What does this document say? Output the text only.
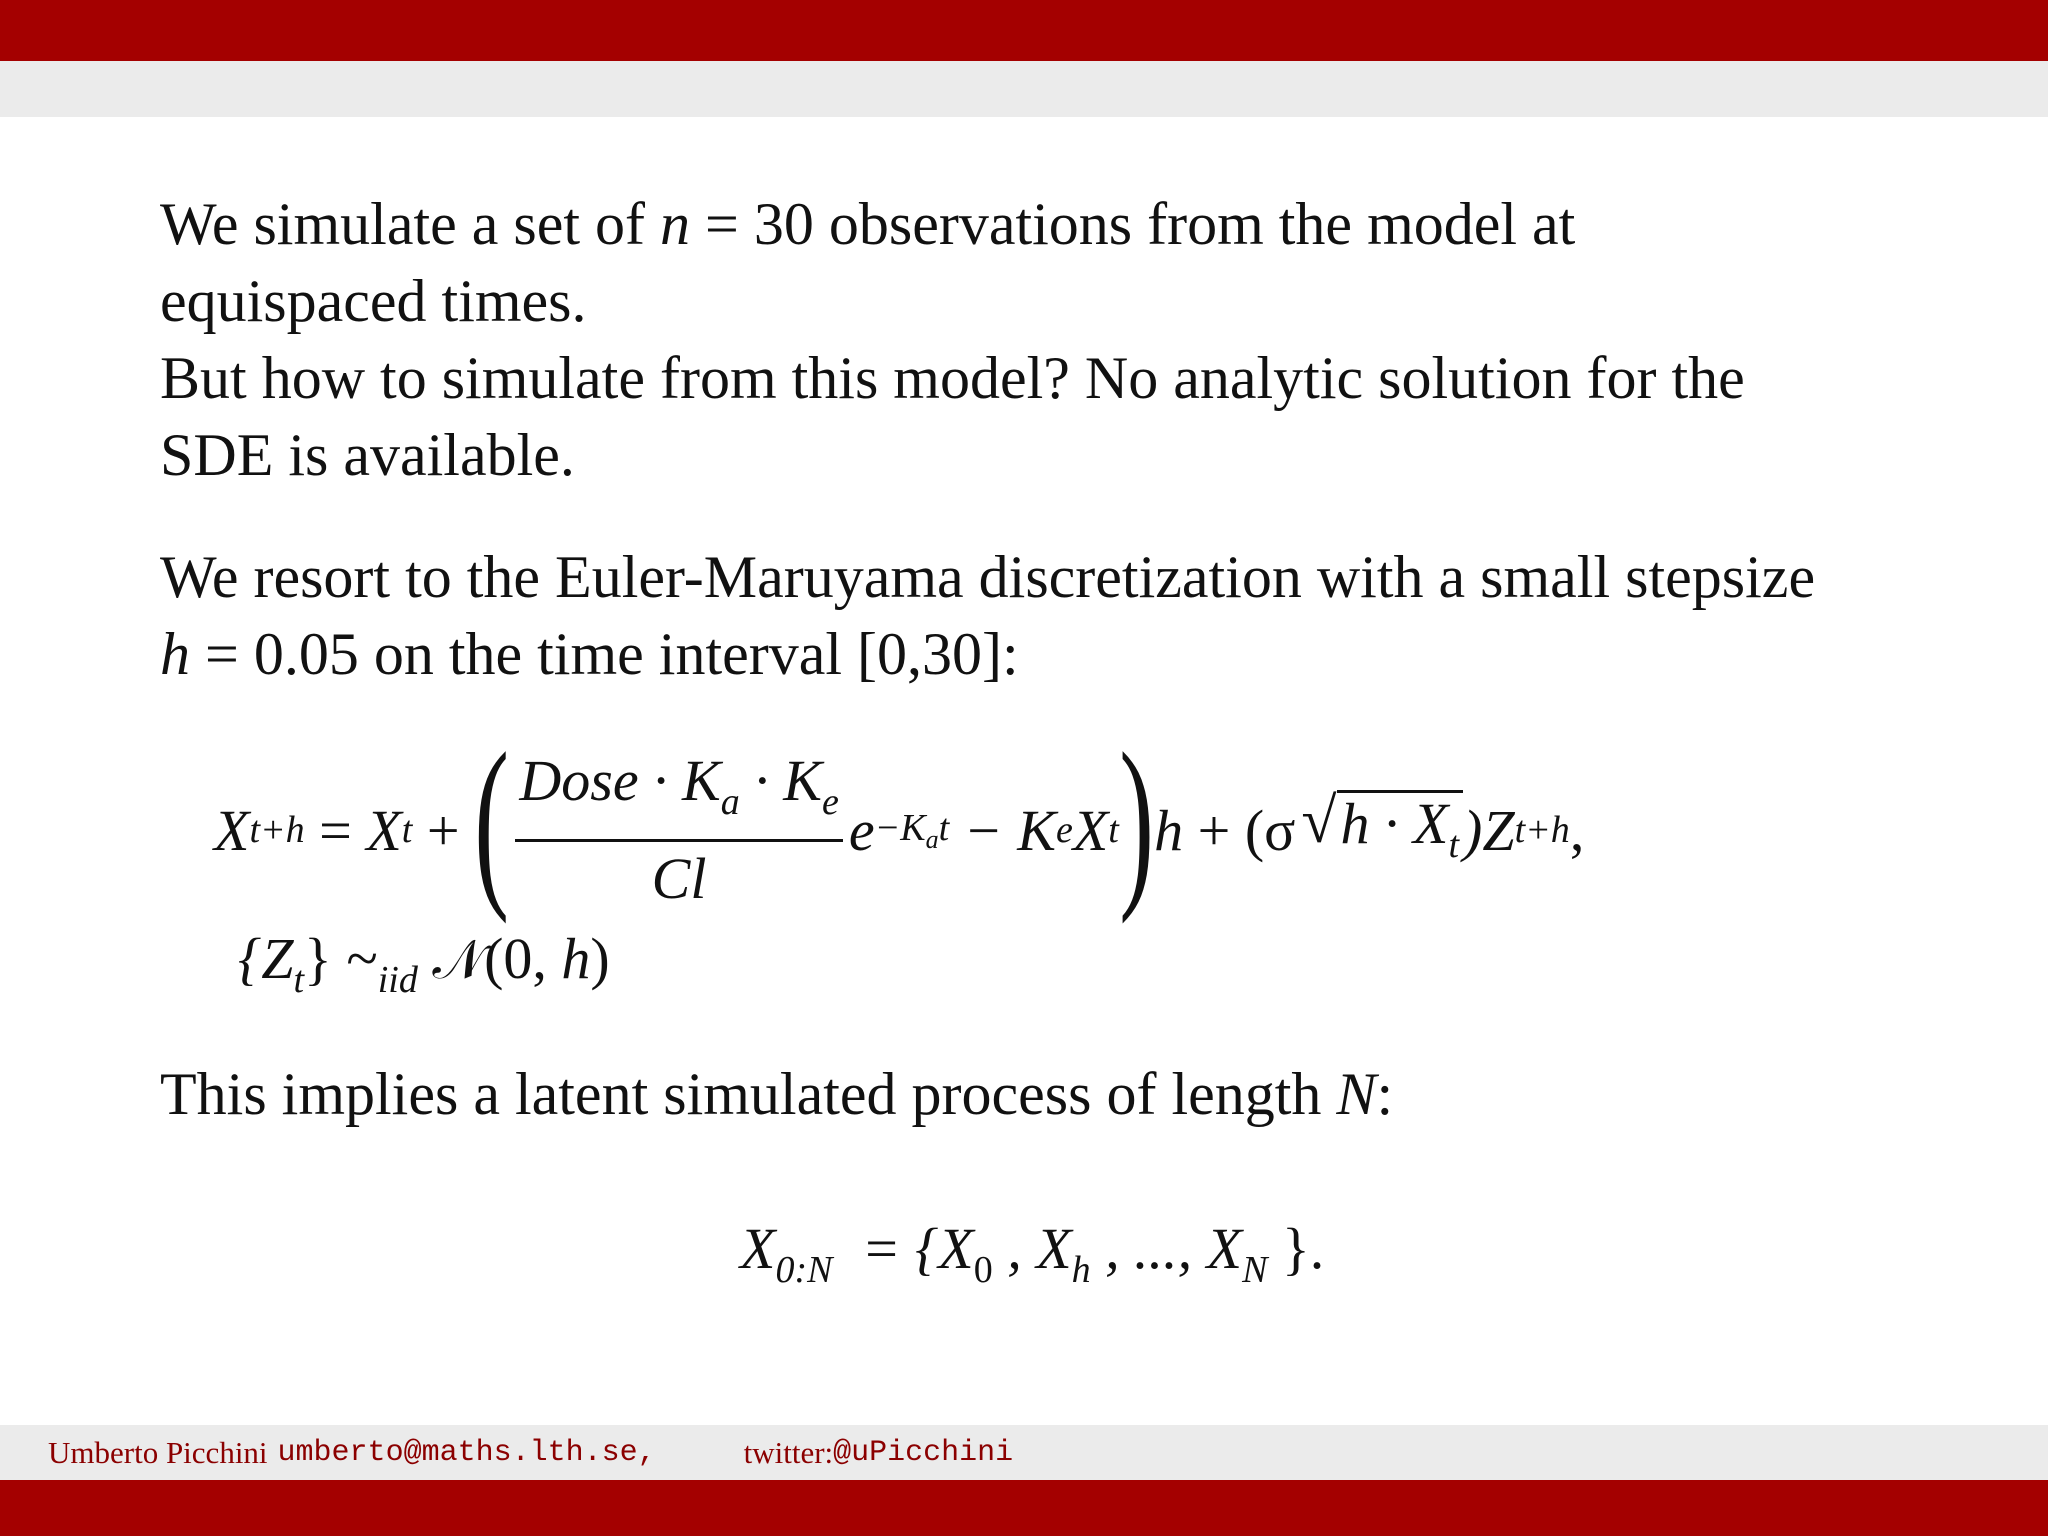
We simulate a set of n = 30 observations from the model at
equispaced times.
But how to simulate from this model? No analytic solution for the
SDE is available.

We resort to the Euler-Maruyama discretization with a small stepsize
h = 0.05 on the time interval [0,30]:

X t+h = X t + ( $\frac{Dose \cdot K_a \cdot K_e}{Cl}$ $e -K_at - K$ e X t ) h + (σ √ $h \cdot X_t$ )Z t+h ,
$\{Z_t\}$ $\sim_{iid}$ 𝒩(0, h)
This implies a latent simulated process of length N:
$X_{0:N} = \{X_0$ , $X_h$ , ..., $X_N$ }.
Umberto Picchini umberto@maths.lth.se,	twitter: @uPicchini
